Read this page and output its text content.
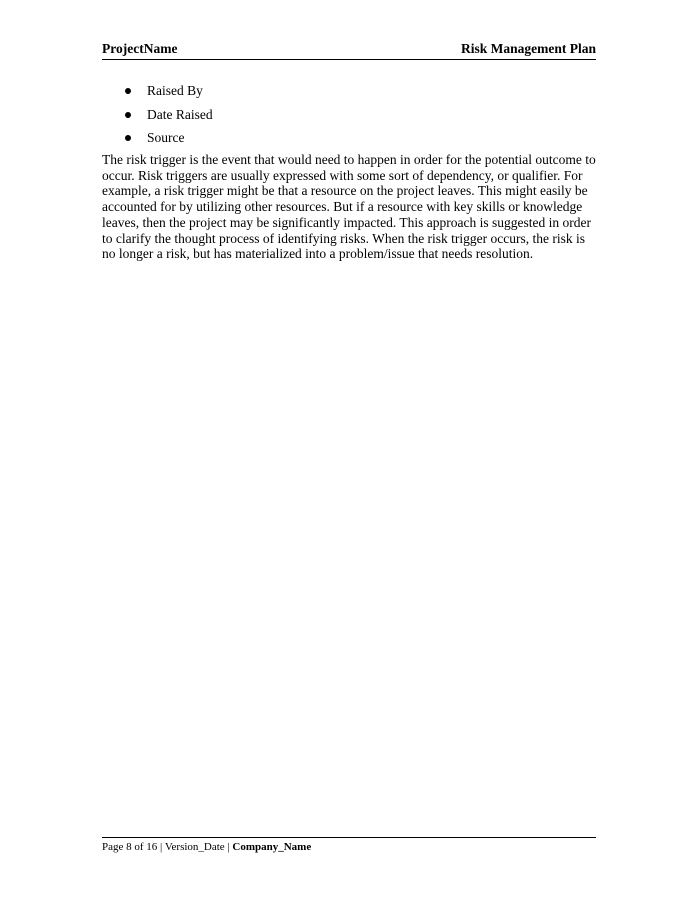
ProjectName	Risk Management Plan
Raised By
Date Raised
Source

The risk trigger is the event that would need to happen in order for the potential outcome to occur. Risk triggers are usually expressed with some sort of dependency, or qualifier. For example, a risk trigger might be that a resource on the project leaves. This might easily be accounted for by utilizing other resources. But if a resource with key skills or knowledge leaves, then the project may be significantly impacted. This approach is suggested in order to clarify the thought process of identifying risks. When the risk trigger occurs, the risk is no longer a risk, but has materialized into a problem/issue that needs resolution.

Page 8 of 16 | Version_Date | Company_Name
